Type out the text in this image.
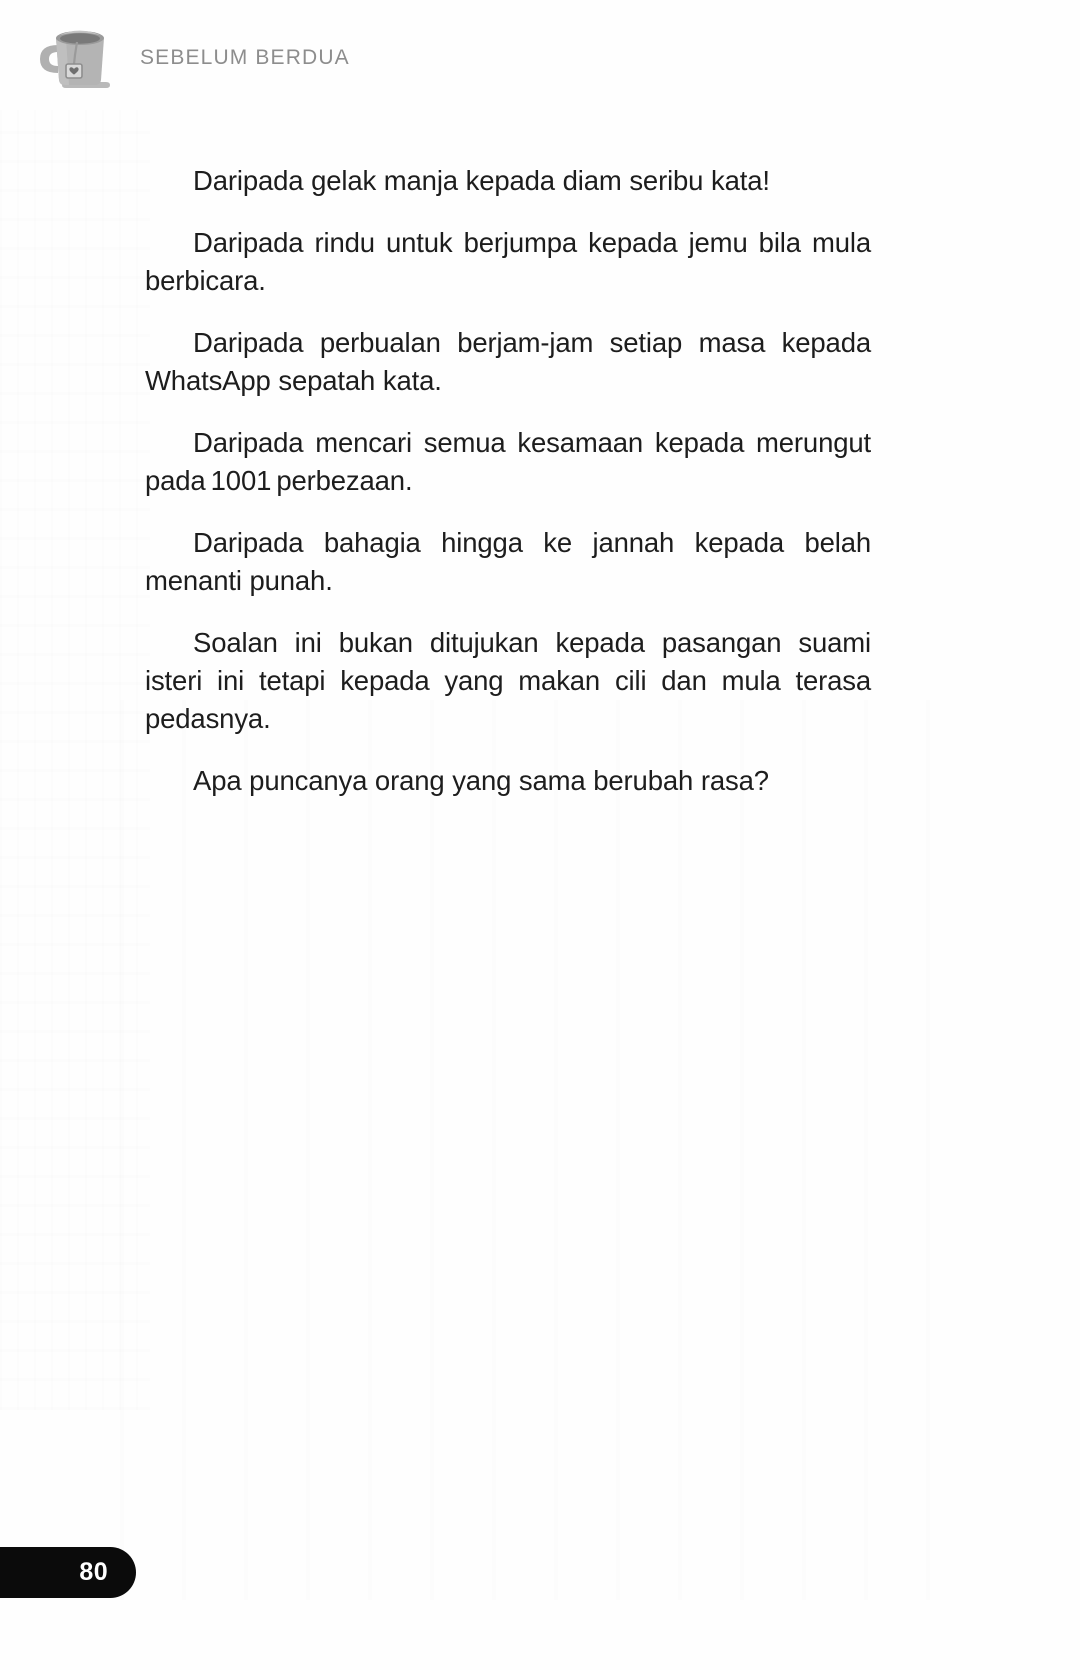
SEBELUM BERDUA

Daripada gelak manja kepada diam seribu kata!

Daripada rindu untuk berjumpa kepada jemu bila mula berbicara.

Daripada perbualan berjam-jam setiap masa kepada WhatsApp sepatah kata.

Daripada mencari semua kesamaan kepada merungut pada 1001 perbezaan.

Daripada bahagia hingga ke jannah kepada belah menanti punah.

Soalan ini bukan ditujukan kepada pasangan suami isteri ini tetapi kepada yang makan cili dan mula terasa pedasnya.

Apa puncanya orang yang sama berubah rasa?

80
